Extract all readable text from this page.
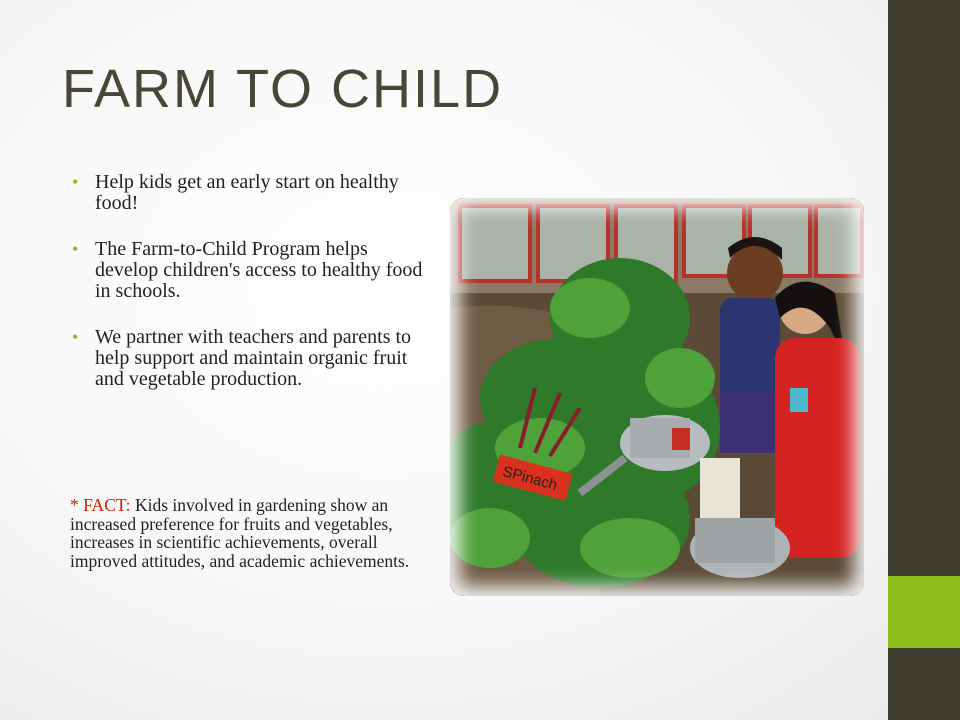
FARM TO CHILD
• Help kids get an early start on healthy food!
• The Farm-to-Child Program helps develop children's access to healthy food in schools.
• We partner with teachers and parents to help support and maintain organic fruit and vegetable production.
* FACT: Kids involved in gardening show an increased preference for fruits and vegetables, increases in scientific achievements, overall improved attitudes, and academic achievements.
SPinach
